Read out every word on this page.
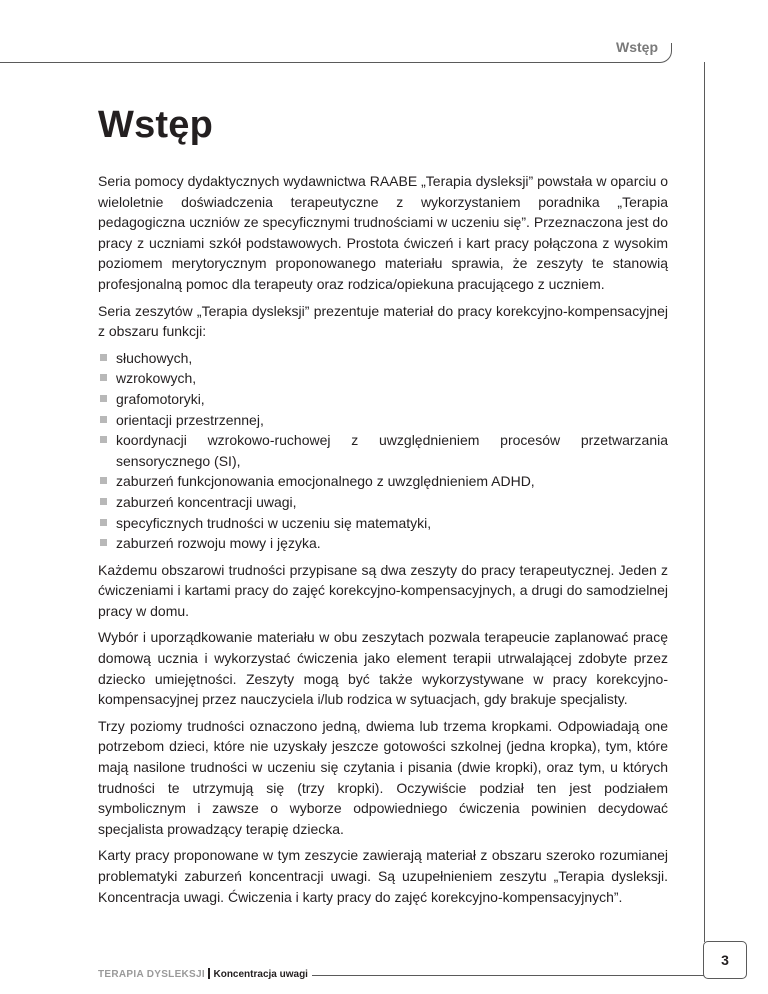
Wstęp
Wstęp

Seria pomocy dydaktycznych wydawnictwa RAABE „Terapia dysleksji” powstała w oparciu o wieloletnie doświadczenia terapeutyczne z wykorzystaniem poradnika „Terapia pedagogiczna uczniów ze specyficznymi trudnościami w uczeniu się”. Przeznaczona jest do pracy z uczniami szkół podstawowych. Prostota ćwiczeń i kart pracy połączona z wysokim poziomem merytorycznym proponowanego materiału sprawia, że zeszyty te stanowią profesjonalną pomoc dla terapeuty oraz rodzica/opiekuna pracującego z uczniem.

Seria zeszytów „Terapia dysleksji” prezentuje materiał do pracy korekcyjno-kompensacyjnej z obszaru funkcji:

słuchowych,
wzrokowych,
grafomotoryki,
orientacji przestrzennej,
koordynacji wzrokowo-ruchowej z uwzględnieniem procesów przetwarzania sensorycznego (SI),
zaburzeń funkcjonowania emocjonalnego z uwzględnieniem ADHD,
zaburzeń koncentracji uwagi,
specyficznych trudności w uczeniu się matematyki,
zaburzeń rozwoju mowy i języka.

Każdemu obszarowi trudności przypisane są dwa zeszyty do pracy terapeutycznej. Jeden z ćwiczeniami i kartami pracy do zajęć korekcyjno-kompensacyjnych, a drugi do samodzielnej pracy w domu.

Wybór i uporządkowanie materiału w obu zeszytach pozwala terapeucie zaplanować pracę domową ucznia i wykorzystać ćwiczenia jako element terapii utrwalającej zdobyte przez dziecko umiejętności. Zeszyty mogą być także wykorzystywane w pracy korekcyjno-kompensacyjnej przez nauczyciela i/lub rodzica w sytuacjach, gdy brakuje specjalisty.

Trzy poziomy trudności oznaczono jedną, dwiema lub trzema kropkami. Odpowiadają one potrzebom dzieci, które nie uzyskały jeszcze gotowości szkolnej (jedna kropka), tym, które mają nasilone trudności w uczeniu się czytania i pisania (dwie kropki), oraz tym, u których trudności te utrzymują się (trzy kropki). Oczywiście podział ten jest podziałem symbolicznym i zawsze o wyborze odpowiedniego ćwiczenia powinien decydować specjalista prowadzący terapię dziecka.

Karty pracy proponowane w tym zeszycie zawierają materiał z obszaru szeroko rozumianej problematyki zaburzeń koncentracji uwagi. Są uzupełnieniem zeszytu „Terapia dysleksji. Koncentracja uwagi. Ćwiczenia i karty pracy do zajęć korekcyjno-kompensacyjnych”.

3
TERAPIA DYSLEKSJI Koncentracja uwagi
